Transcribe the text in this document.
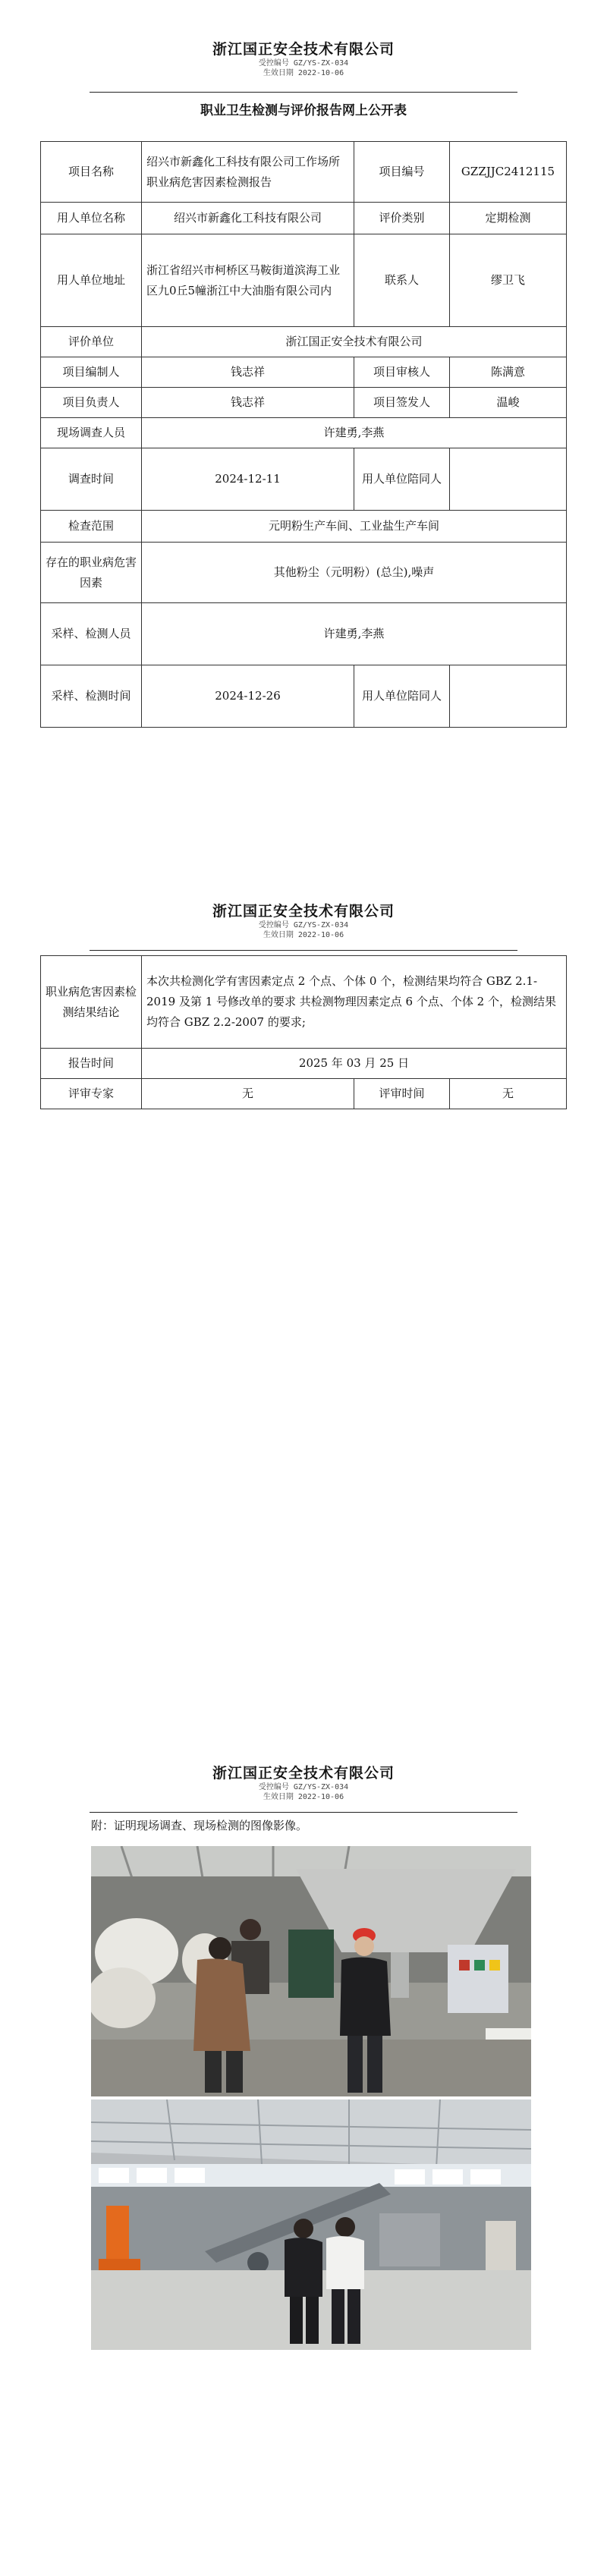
浙江国正安全技术有限公司
受控编号 GZ/YS-ZX-034
生效日期 2022-10-06
职业卫生检测与评价报告网上公开表
项目名称	绍兴市新鑫化工科技有限公司工作场所职业病危害因素检测报告	项目编号	GZZJJC2412115
用人单位名称	绍兴市新鑫化工科技有限公司	评价类别	定期检测
用人单位地址	浙江省绍兴市柯桥区马鞍街道滨海工业区九0丘5幢浙江中大油脂有限公司内	联系人	缪卫飞
评价单位	浙江国正安全技术有限公司		
项目编制人	钱志祥	项目审核人	陈满意
项目负责人	钱志祥	项目签发人	温峻
现场调查人员	许建勇,李燕		
调查时间	2024-12-11	用人单位陪同人	
检查范围	元明粉生产车间、工业盐生产车间		
存在的职业病危害因素	其他粉尘（元明粉）(总尘),噪声		
采样、检测人员	许建勇,李燕		
采样、检测时间	2024-12-26	用人单位陪同人	
浙江国正安全技术有限公司
受控编号 GZ/YS-ZX-034
生效日期 2022-10-06
职业病危害因素检测结果结论	本次共检测化学有害因素定点 2 个点、个体 0 个，检测结果均符合 GBZ 2.1-2019 及第 1 号修改单的要求 共检测物理因素定点 6 个点、个体 2 个，检测结果均符合 GBZ 2.2-2007 的要求;		
报告时间	2025 年 03 月 25 日		
评审专家	无	评审时间	无
浙江国正安全技术有限公司
受控编号 GZ/YS-ZX-034
生效日期 2022-10-06
附：证明现场调查、现场检测的图像影像。
